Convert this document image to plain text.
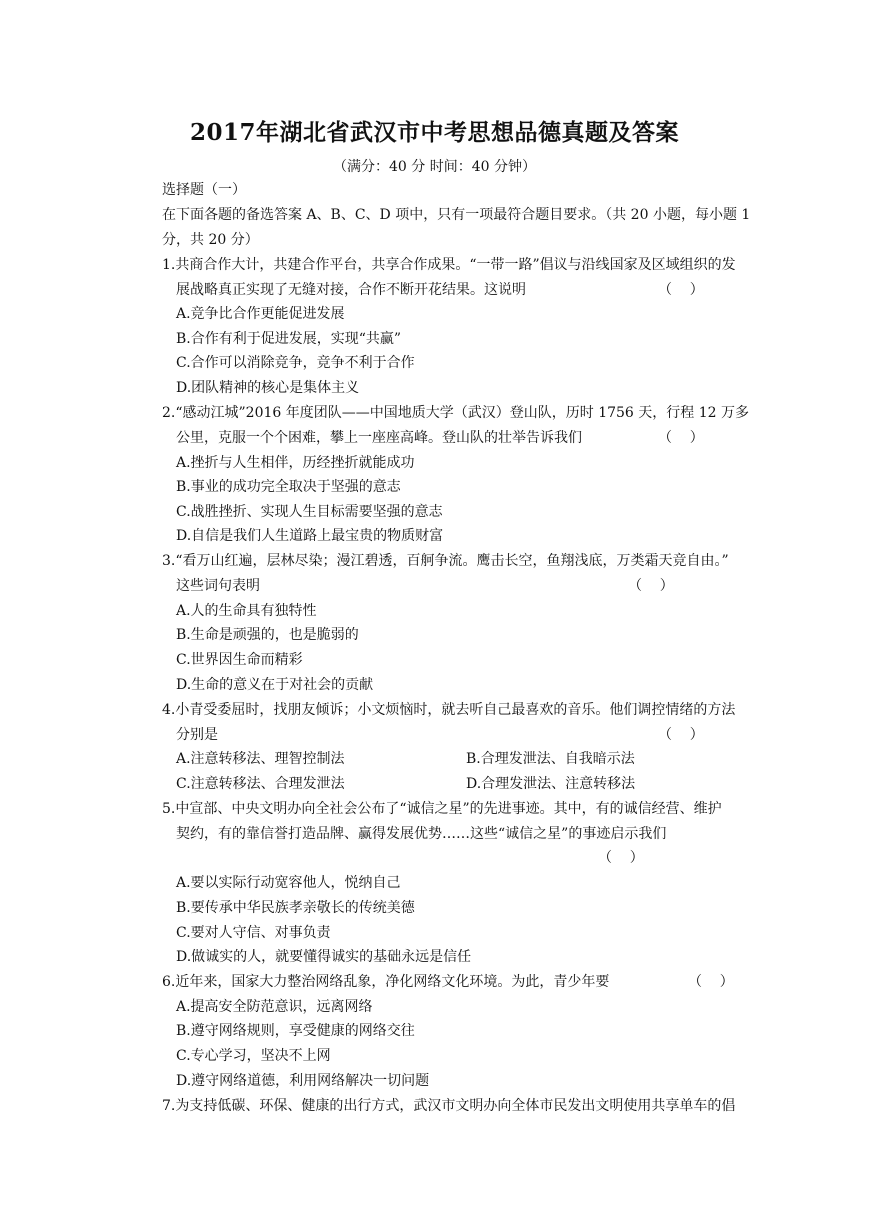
2017年湖北省武汉市中考思想品德真题及答案
（满分：40 分 时间：40 分钟）
选择题（一）
在下面各题的备选答案 A、B、C、D 项中，只有一项最符合题目要求。（共 20 小题，每小题 1
分，共 20 分）
1.共商合作大计，共建合作平台，共享合作成果。“一带一路”倡议与沿线国家及区域组织的发
展战略真正实现了无缝对接，合作不断开花结果。这说明	（    ）
A.竞争比合作更能促进发展
B.合作有利于促进发展，实现“共赢”
C.合作可以消除竞争，竞争不利于合作
D.团队精神的核心是集体主义
2.“感动江城”2016 年度团队——中国地质大学（武汉）登山队，历时 1756 天，行程 12 万多
公里，克服一个个困难，攀上一座座高峰。登山队的壮举告诉我们	（    ）
A.挫折与人生相伴，历经挫折就能成功
B.事业的成功完全取决于坚强的意志
C.战胜挫折、实现人生目标需要坚强的意志
D.自信是我们人生道路上最宝贵的物质财富
3.“看万山红遍，层林尽染；漫江碧透，百舸争流。鹰击长空，鱼翔浅底，万类霜天竞自由。”
这些词句表明	（    ）
A.人的生命具有独特性
B.生命是顽强的，也是脆弱的
C.世界因生命而精彩
D.生命的意义在于对社会的贡献
4.小青受委屈时，找朋友倾诉；小文烦恼时，就去听自己最喜欢的音乐。他们调控情绪的方法
分别是	（    ）
A.注意转移法、理智控制法	B.合理发泄法、自我暗示法
C.注意转移法、合理发泄法	D.合理发泄法、注意转移法
5.中宣部、中央文明办向全社会公布了“诚信之星”的先进事迹。其中，有的诚信经营、维护
契约，有的靠信誉打造品牌、赢得发展优势……这些“诚信之星”的事迹启示我们
（    ）
A.要以实际行动宽容他人，悦纳自己
B.要传承中华民族孝亲敬长的传统美德
C.要对人守信、对事负责
D.做诚实的人，就要懂得诚实的基础永远是信任
6.近年来，国家大力整治网络乱象，净化网络文化环境。为此，青少年要	（    ）
A.提高安全防范意识，远离网络
B.遵守网络规则，享受健康的网络交往
C.专心学习，坚决不上网
D.遵守网络道德，利用网络解决一切问题
7.为支持低碳、环保、健康的出行方式，武汉市文明办向全体市民发出文明使用共享单车的倡
